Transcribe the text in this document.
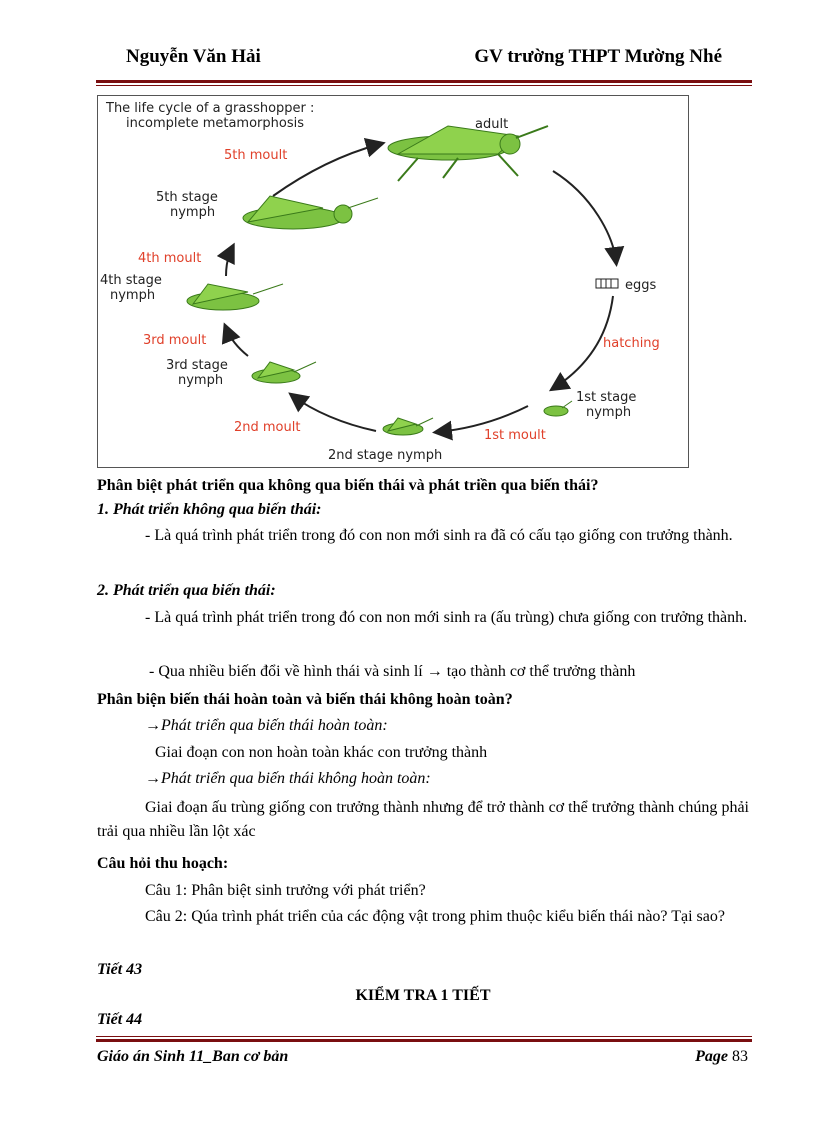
Nguyễn Văn Hải	GV trường THPT Mường Nhé
The life cycle of a grasshopper :
incomplete metamorphosis	adult
eggs
hatching
1st stage
nymph
1st moult
2nd stage nymph
2nd moult
3rd stage
nymph
3rd moult
4th stage
nymph
4th moult
5th stage
nymph
5th moult
Phân biệt phát triển qua không qua biến thái và phát triền qua biến thái?
1. Phát triển không qua biến thái:
- Là quá trình phát triển trong đó con non mới sinh ra đã có cấu tạo giống con trưởng thành.
2. Phát triển qua biến thái:
- Là quá trình phát triển trong đó con non mới sinh ra (ấu trùng) chưa giống con trưởng thành.
- Qua nhiều biến đổi về hình thái và sinh lí → tạo thành cơ thể trưởng thành
Phân biện biến thái hoàn toàn và biến thái không hoàn toàn?
→Phát triển qua biến thái hoàn toàn:
Giai đoạn con non hoàn toàn khác con trưởng thành
→Phát triển qua biến thái không hoàn toàn:
Giai đoạn ấu trùng giống con trưởng thành nhưng để trở thành cơ thể trưởng thành chúng phải trải qua nhiều lần lột xác
Câu hỏi thu hoạch:
Câu 1: Phân biệt sinh trưởng với phát triển?
Câu 2: Qúa trình phát triển của các động vật trong phim thuộc kiểu biến thái nào? Tại sao?
Tiết 43
KIỂM TRA 1 TIẾT
Tiết 44
Giáo án Sinh 11_Ban cơ bản	Page 83
